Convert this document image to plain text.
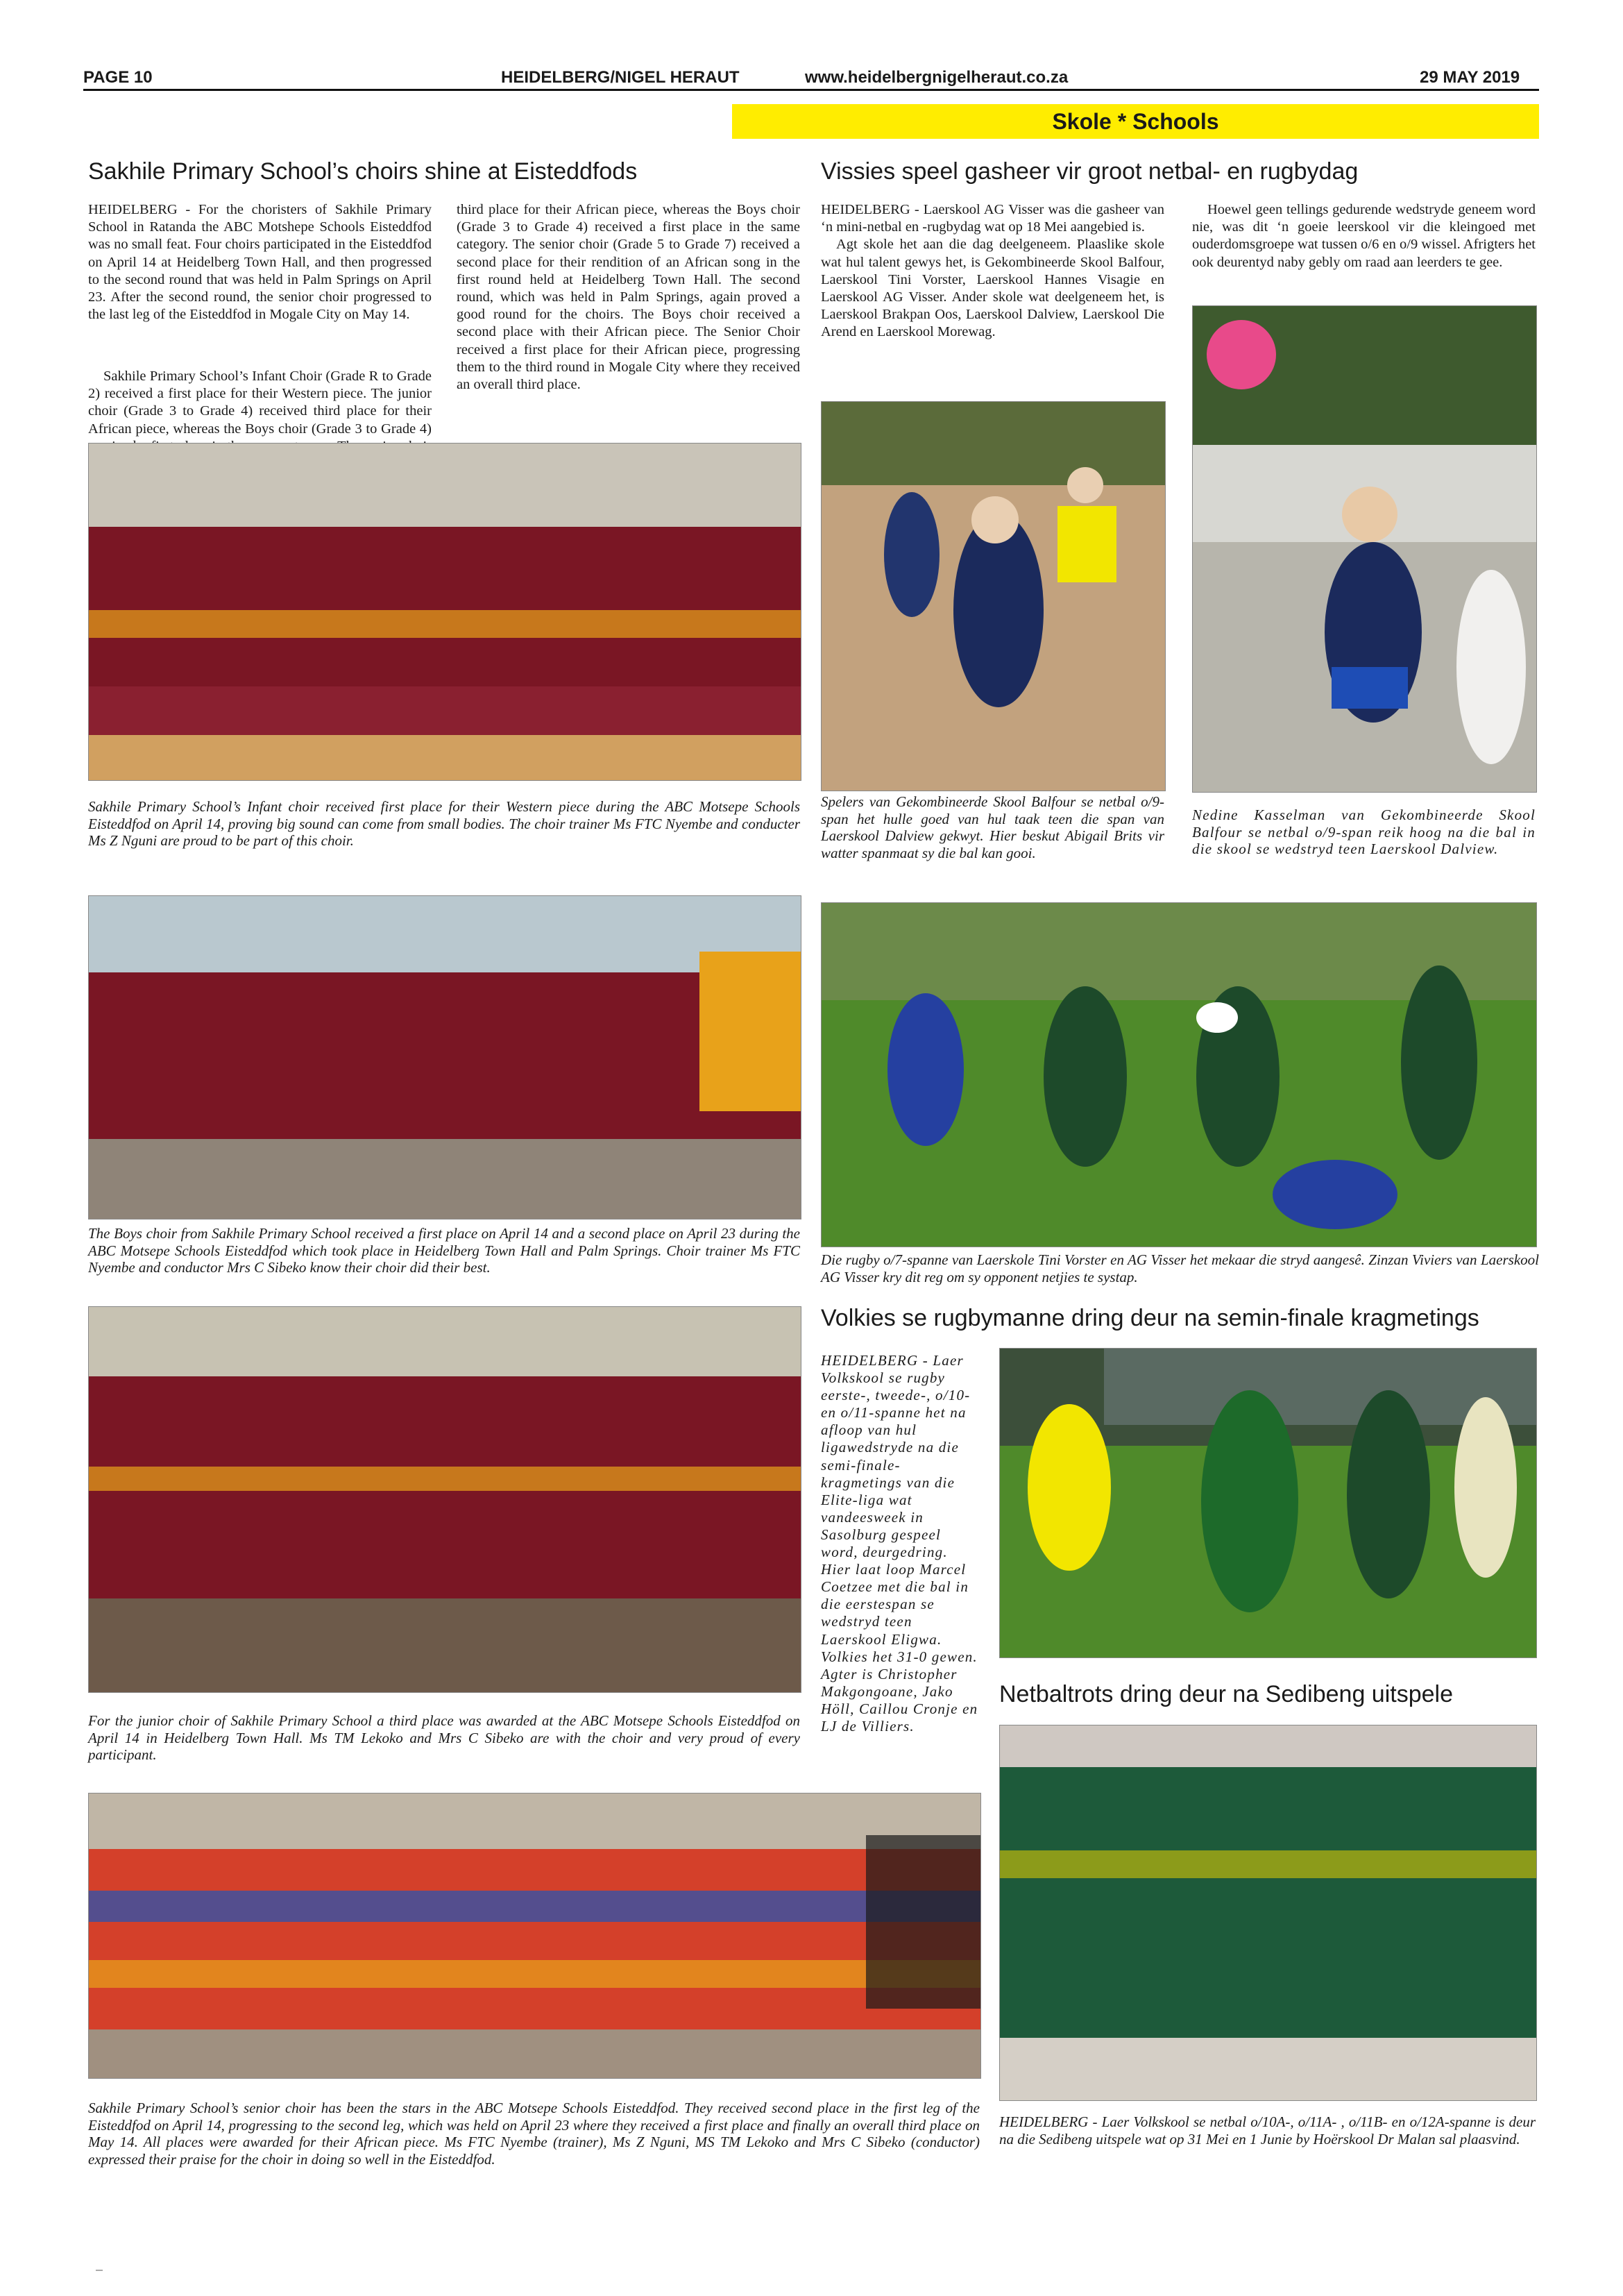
PAGE 10	HEIDELBERG/NIGEL HERAUT	www.heidelbergnigelheraut.co.za	29 MAY 2019
Skole * Schools
Sakhile Primary School’s choirs shine at Eisteddfods

HEIDELBERG - For the choristers of Sakhile Primary School in Ratanda the ABC Motshepe Schools Eisteddfod was no small feat. Four choirs participated in the Eisteddfod on April 14 at Heidelberg Town Hall, and then progressed to the second round that was held in Palm Springs on April 23. After the second round, the senior choir progressed to the last leg of the Eisteddfod in Mogale City on May 14.

Sakhile Primary School’s Infant Choir (Grade R to Grade 2) received a first place for their Western piece. The junior choir (Grade 3 to Grade 4) received third place for their African piece, whereas the Boys choir (Grade 3 to Grade 4)

third place for their African piece, whereas the Boys choir (Grade 3 to Grade 4) received a first place in the same category. The senior choir (Grade 5 to Grade 7) received a second place for their rendition of an African song in the first round held at Heidelberg Town Hall. The second round, which was held in Palm Springs, again proved a good round for the choirs. The Boys choir received a second place with their African piece. The Senior Choir received a first place for their African piece, progressing them to the third round in Mogale City where they received an overall third place.

Vissies speel gasheer vir groot netbal- en rugbydag

HEIDELBERG - Laerskool AG Visser was die gasheer van ‘n mini-netbal en -rugbydag wat op 18 Mei aangebied is.

Agt skole het aan die dag deelgeneem. Plaaslike skole wat hul talent gewys het, is Gekombineerde Skool Balfour, Laerskool Tini Vorster, Laerskool Hannes Visagie en Laerskool AG Visser. Ander skole wat deelgeneem het, is Laerskool Brakpan Oos, Laerskool Dalview, Laerskool Die Arend en Laerskool Morewag.

Hoewel geen tellings gedurende wedstryde geneem word nie, was dit ‘n goeie leerskool vir die kleingoed met ouderdomsgroepe wat tussen o/6 en o/9 wissel. Afrigters het ook deurentyd naby gebly om raad aan leerders te gee.

Sakhile Primary School’s Infant choir received first place for their Western piece during the ABC Motsepe Schools Eisteddfod on April 14, proving big sound can come from small bodies. The choir trainer Ms FTC Nyembe and conducter Ms Z Nguni are proud to be part of this choir.
Spelers van Gekombineerde Skool Balfour se netbal o/9-span het hulle goed van hul taak teen die span van Laerskool Dalview gekwyt. Hier beskut Abigail Brits vir watter spanmaat sy die bal kan gooi.
Nedine Kasselman van Gekombineerde Skool Balfour se netbal o/9-span reik hoog na die bal in die skool se wedstryd teen Laerskool Dalview.
The Boys choir from Sakhile Primary School received a first place on April 14 and a second place on April 23 during the ABC Motsepe Schools Eisteddfod which took place in Heidelberg Town Hall and Palm Springs. Choir trainer Ms FTC Nyembe and conductor Mrs C Sibeko know their choir did their best.	Die rugby o/7-spanne van Laerskole Tini Vorster en AG Visser het mekaar die stryd aangesê. Zinzan Viviers van Laerskool AG Visser kry dit reg om sy opponent netjies te systap.
Volkies se rugbymanne dring deur na semin-finale kragmetings
HEIDELBERG - Laer Volkskool se rugby eerste-, tweede-, o/10- en o/11-spanne het na afloop van hul ligawedstryde na die semi-finale-kragmetings van die Elite-liga wat vandeesweek in Sasolburg gespeel word, deurgedring. Hier laat loop Marcel Coetzee met die bal in die eerstespan se wedstryd teen Laerskool Eligwa. Volkies het 31-0 gewen. Agter is Christopher Makgongoane, Jako Höll, Caillou Cronje en LJ de Villiers.
For the junior choir of Sakhile Primary School a third place was awarded at the ABC Motsepe Schools Eisteddfod on April 14 in Heidelberg Town Hall. Ms TM Lekoko and Mrs C Sibeko are with the choir and very proud of every participant.
Netbaltrots dring deur na Sedibeng uitspele
Sakhile Primary School’s senior choir has been the stars in the ABC Motsepe Schools Eisteddfod. They received second place in the first leg of the Eisteddfod on April 14, progressing to the second leg, which was held on April 23 where they received a first place and finally an overall third place on May 14. All places were awarded for their African piece. Ms FTC Nyembe (trainer), Ms Z Nguni, MS TM Lekoko and Mrs C Sibeko (conductor) expressed their praise for the choir in doing so well in the Eisteddfod.
HEIDELBERG - Laer Volkskool se netbal o/10A-, o/11A- , o/11B- en o/12A-spanne is deur na die Sedibeng uitspele wat op 31 Mei en 1 Junie by Hoërskool Dr Malan sal plaasvind.
